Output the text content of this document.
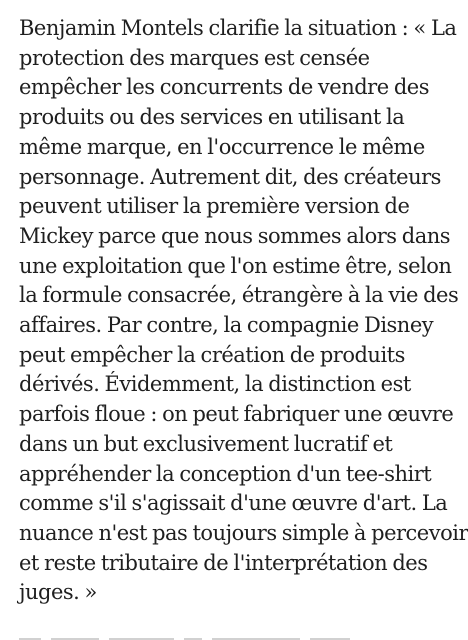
Benjamin Montels clarifie la situation : « La
protection des marques est censée
empêcher les concurrents de vendre des
produits ou des services en utilisant la
même marque, en l'occurrence le même
personnage. Autrement dit, des créateurs
peuvent utiliser la première version de
Mickey parce que nous sommes alors dans
une exploitation que l'on estime être, selon
la formule consacrée, étrangère à la vie des
affaires. Par contre, la compagnie Disney
peut empêcher la création de produits
dérivés. Évidemment, la distinction est
parfois floue : on peut fabriquer une œuvre
dans un but exclusivement lucratif et
appréhender la conception d'un tee-shirt
comme s'il s'agissait d'une œuvre d'art. La
nuance n'est pas toujours simple à percevoir
et reste tributaire de l'interprétation des
juges. »
